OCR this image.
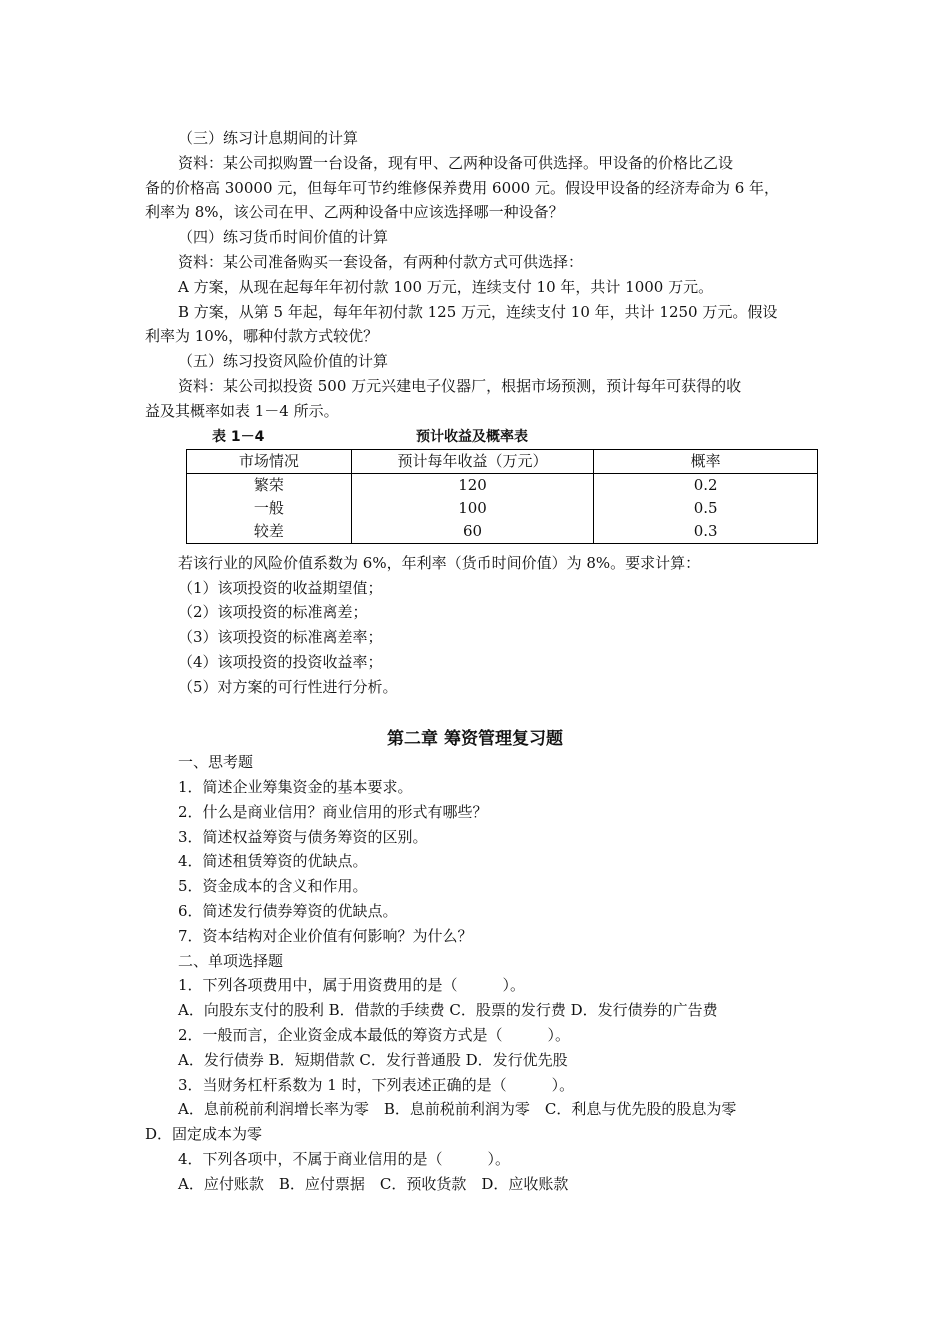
（三）练习计息期间的计算
资料：某公司拟购置一台设备，现有甲、乙两种设备可供选择。甲设备的价格比乙设
备的价格高 30000 元，但每年可节约维修保养费用 6000 元。假设甲设备的经济寿命为 6 年，
利率为 8%，该公司在甲、乙两种设备中应该选择哪一种设备？
（四）练习货币时间价值的计算
资料：某公司准备购买一套设备，有两种付款方式可供选择：
A 方案，从现在起每年年初付款 100 万元，连续支付 10 年，共计 1000 万元。
B 方案，从第 5 年起，每年年初付款 125 万元，连续支付 10 年，共计 1250 万元。假设
利率为 10%，哪种付款方式较优？
（五）练习投资风险价值的计算
资料：某公司拟投资 500 万元兴建电子仪器厂，根据市场预测，预计每年可获得的收
益及其概率如表 1－4 所示。
表 1－4	预计收益及概率表
市场情况	预计每年收益（万元）	概率
繁荣	120	0.2
一般	100	0.5
较差	60	0.3
若该行业的风险价值系数为 6%，年利率（货币时间价值）为 8%。要求计算：
（1）该项投资的收益期望值；
（2）该项投资的标准离差；
（3）该项投资的标准离差率；
（4）该项投资的投资收益率；
（5）对方案的可行性进行分析。
第二章 筹资管理复习题
一、思考题
1．简述企业筹集资金的基本要求。
2．什么是商业信用？商业信用的形式有哪些？
3．简述权益筹资与债务筹资的区别。
4．简述租赁筹资的优缺点。
5．资金成本的含义和作用。
6．简述发行债券筹资的优缺点。
7．资本结构对企业价值有何影响？为什么？
二、单项选择题
1．下列各项费用中，属于用资费用的是（　　　）。
A．向股东支付的股利 B．借款的手续费 C．股票的发行费 D．发行债券的广告费
2．一般而言，企业资金成本最低的筹资方式是（　　　）。
A．发行债券 B．短期借款 C．发行普通股 D．发行优先股
3．当财务杠杆系数为 1 时，下列表述正确的是（　　　）。
A．息前税前利润增长率为零　B．息前税前利润为零　C．利息与优先股的股息为零
D．固定成本为零
4．下列各项中，不属于商业信用的是（　　　）。
A．应付账款　B．应付票据　C．预收货款　D．应收账款
